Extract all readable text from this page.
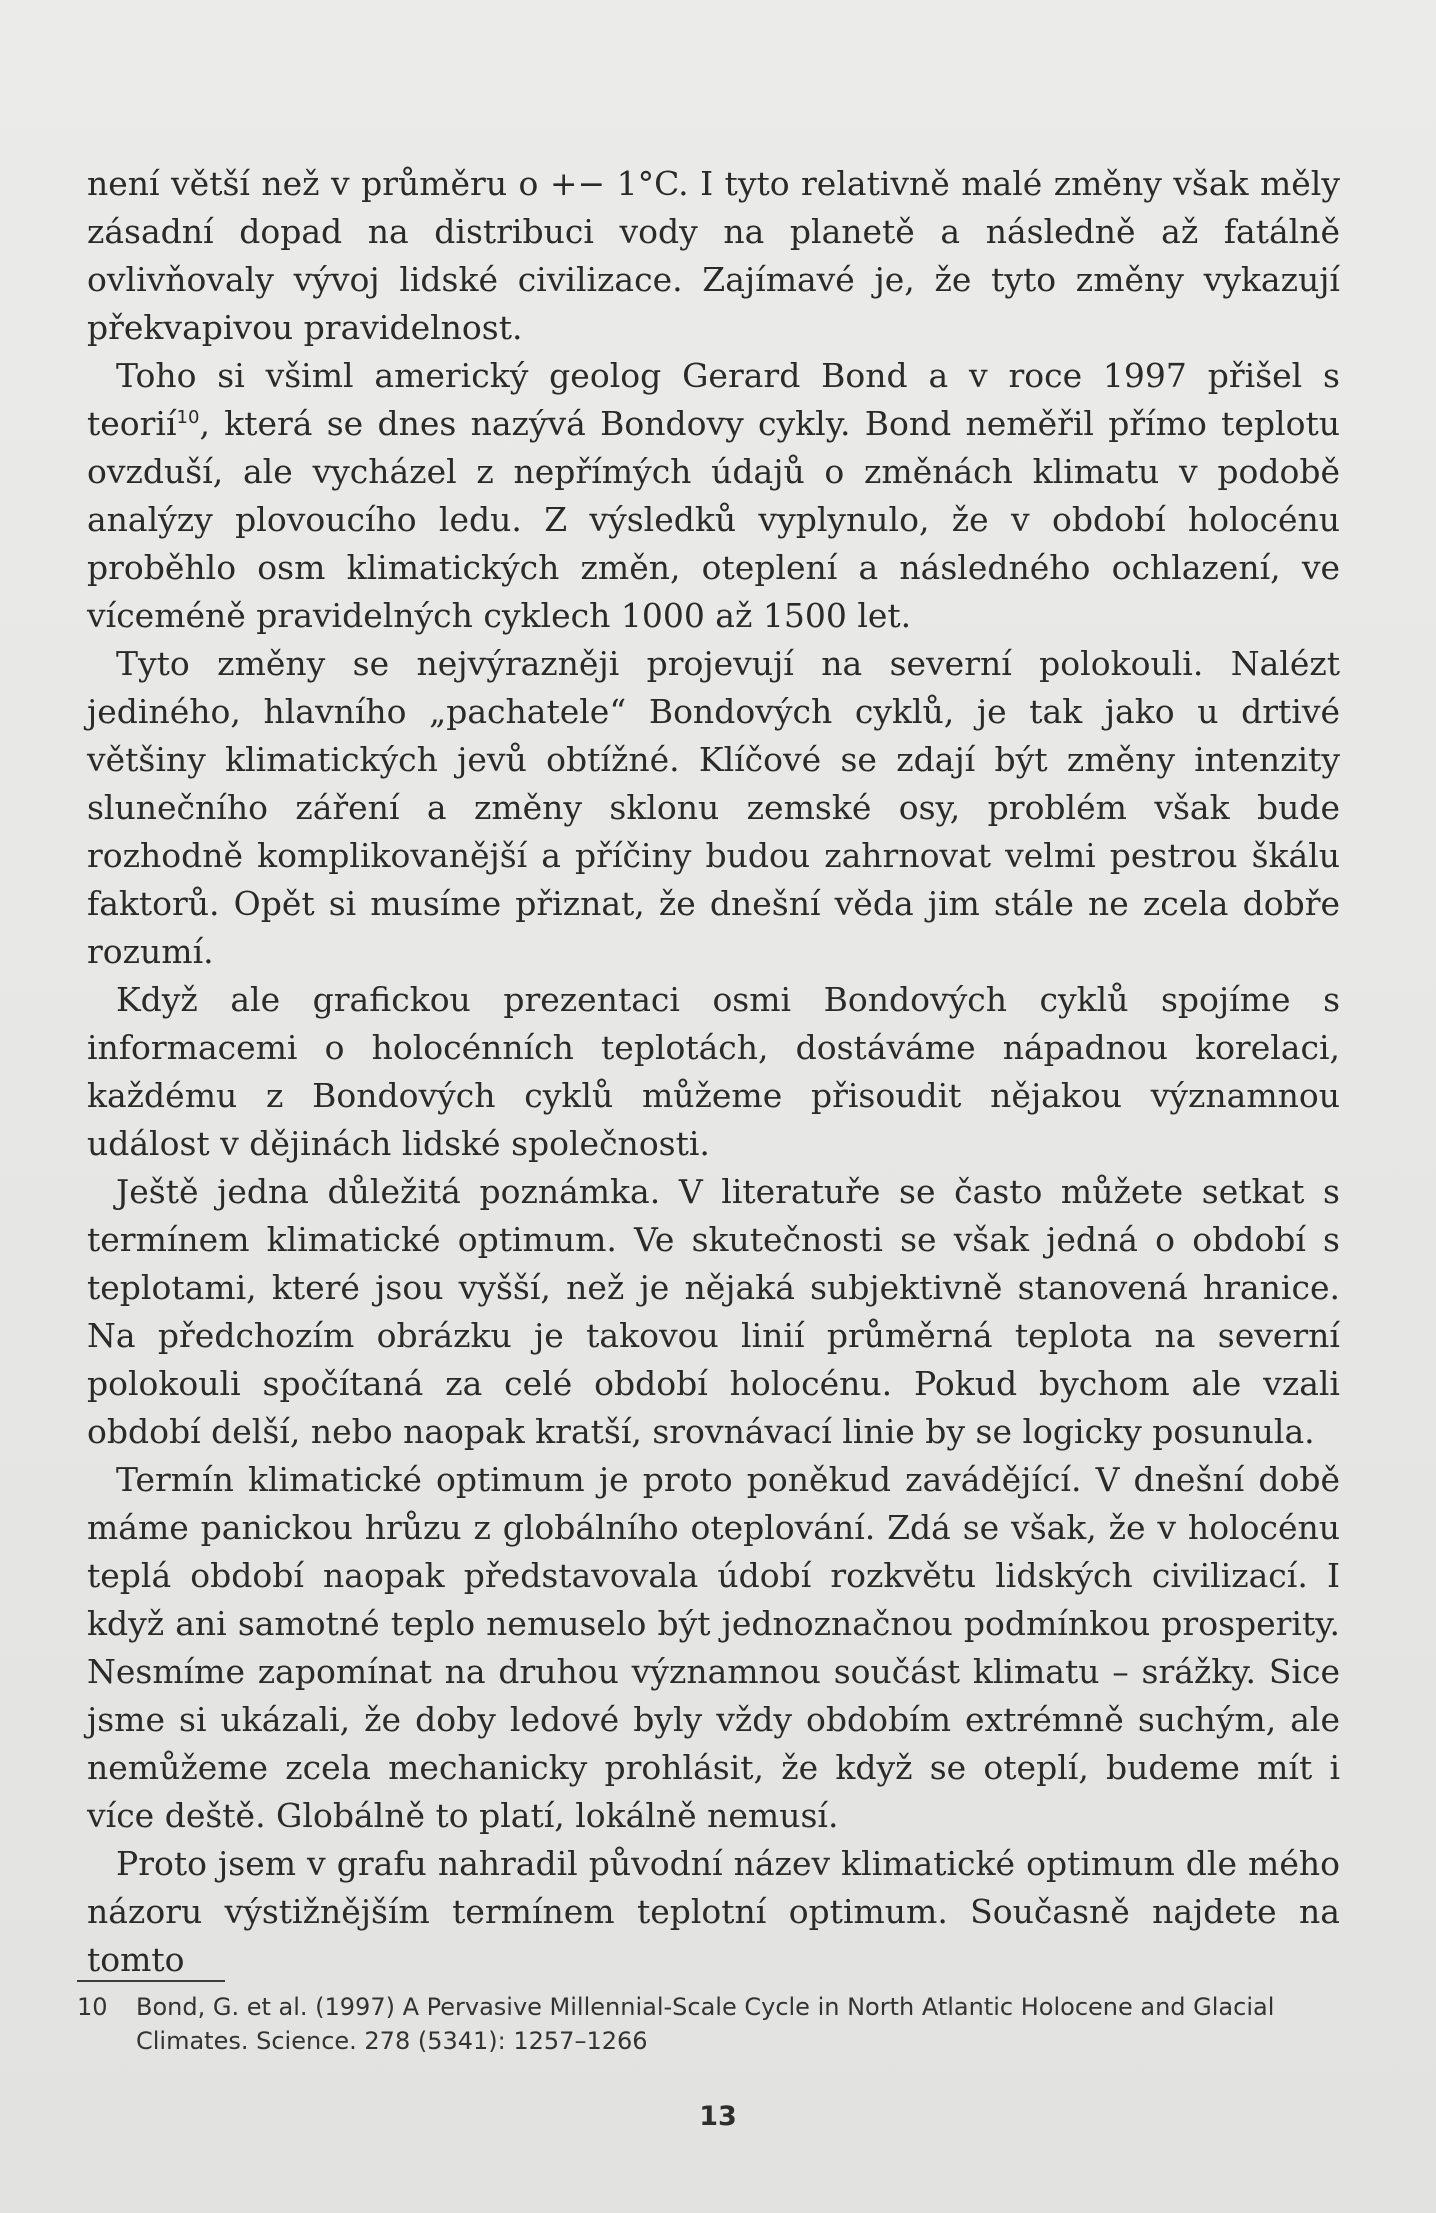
není větší než v průměru o +− 1°C. I tyto relativně malé změny však měly zásadní dopad na distribuci vody na planetě a následně až fatálně ovlivňovaly vývoj lidské civilizace. Zajímavé je, že tyto změny vykazují překvapivou pravidelnost.

Toho si všiml americký geolog Gerard Bond a v roce 1997 přišel s teorií$^{10}$, která se dnes nazývá Bondovy cykly. Bond neměřil přímo teplotu ovzduší, ale vycházel z nepřímých údajů o změnách klimatu v podobě analýzy plovoucího ledu. Z výsledků vyplynulo, že v období holocénu proběhlo osm klimatických změn, oteplení a následného ochlazení, ve víceméně pravidelných cyklech 1000 až 1500 let.

Tyto změny se nejvýrazněji projevují na severní polokouli. Nalézt jediného, hlavního „pachatele“ Bondových cyklů, je tak jako u drtivé většiny klimatických jevů obtížné. Klíčové se zdají být změny intenzity slunečního záření a změny sklonu zemské osy, problém však bude rozhodně komplikovanější a příčiny budou zahrnovat velmi pestrou škálu faktorů. Opět si musíme přiznat, že dnešní věda jim stále ne zcela dobře rozumí.

Když ale grafickou prezentaci osmi Bondových cyklů spojíme s informacemi o holocénních teplotách, dostáváme nápadnou korelaci, každému z Bondových cyklů můžeme přisoudit nějakou významnou událost v dějinách lidské společnosti.

Ještě jedna důležitá poznámka. V literatuře se často můžete setkat s termínem klimatické optimum. Ve skutečnosti se však jedná o období s teplotami, které jsou vyšší, než je nějaká subjektivně stanovená hranice. Na předchozím obrázku je takovou linií průměrná teplota na severní polokouli spočítaná za celé období holocénu. Pokud bychom ale vzali období delší, nebo naopak kratší, srovnávací linie by se logicky posunula.

Termín klimatické optimum je proto poněkud zavádějící. V dnešní době máme panickou hrůzu z globálního oteplování. Zdá se však, že v holocénu teplá období naopak představovala údobí rozkvětu lidských civilizací. I když ani samotné teplo nemuselo být jednoznačnou podmínkou prosperity. Nesmíme zapomínat na druhou významnou součást klimatu – srážky. Sice jsme si ukázali, že doby ledové byly vždy obdobím extrémně suchým, ale nemůžeme zcela mechanicky prohlásit, že když se oteplí, budeme mít i více deště. Globálně to platí, lokálně nemusí.

Proto jsem v grafu nahradil původní název klimatické optimum dle mého názoru výstižnějším termínem teplotní optimum. Současně najdete na tomto

10	Bond, G. et al. (1997) A Pervasive Millennial-Scale Cycle in North Atlantic Holocene and Glacial Climates. Science. 278 (5341): 1257–1266
13
